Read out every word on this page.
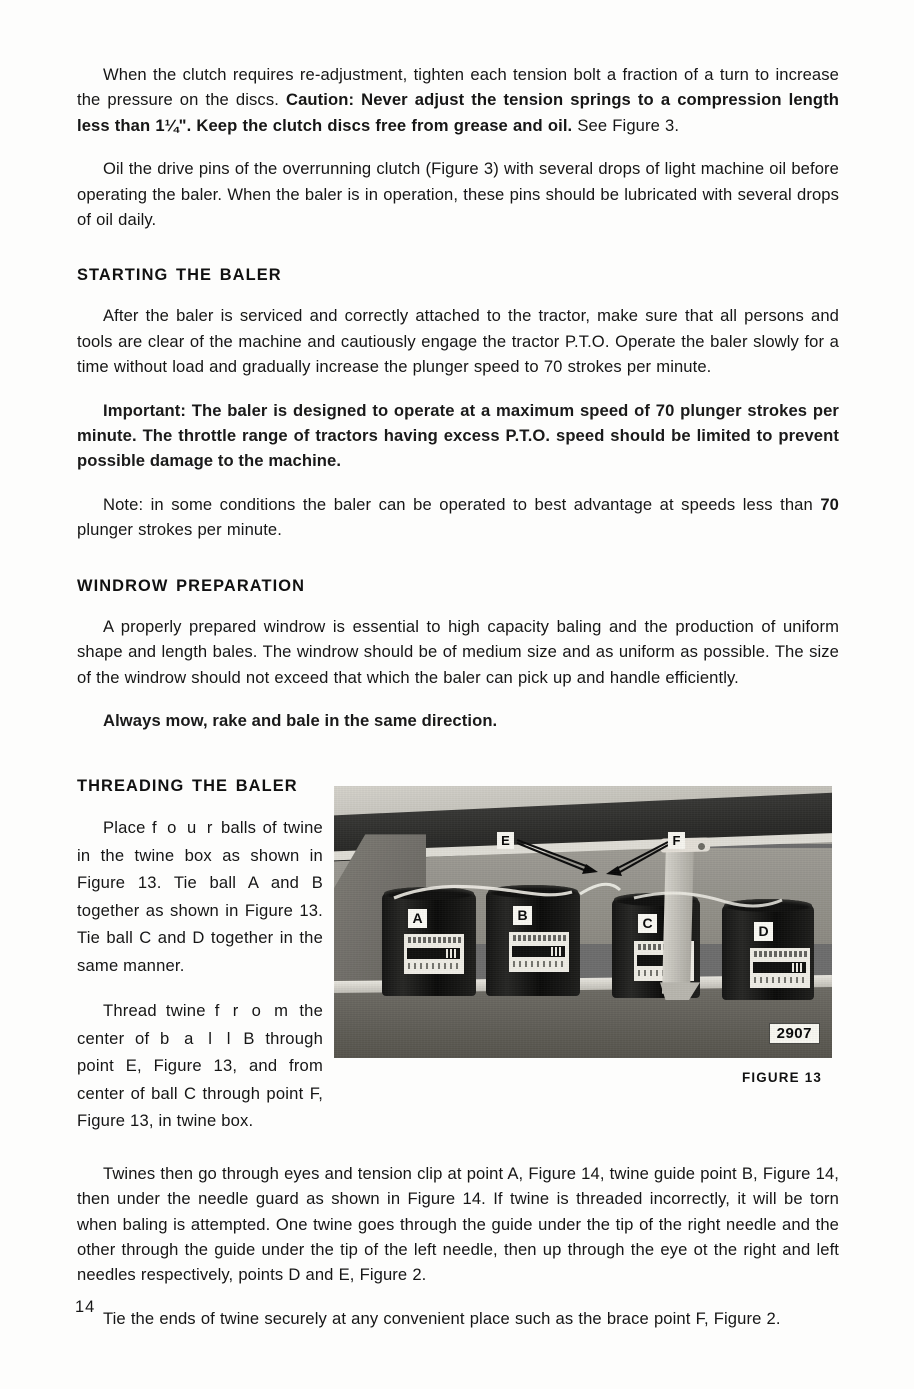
When the clutch requires re-adjustment, tighten each tension bolt a fraction of a turn to increase the pressure on the discs. Caution: Never adjust the tension springs to a compression length less than 1¼". Keep the clutch discs free from grease and oil. See Figure 3.

Oil the drive pins of the overrunning clutch (Figure 3) with several drops of light machine oil before operating the baler. When the baler is in operation, these pins should be lubricated with several drops of oil daily.

STARTING THE BALER

After the baler is serviced and correctly attached to the tractor, make sure that all persons and tools are clear of the machine and cautiously engage the tractor P.T.O. Operate the baler slowly for a time without load and gradually increase the plunger speed to 70 strokes per minute.

Important: The baler is designed to operate at a maximum speed of 70 plunger strokes per minute. The throttle range of tractors having excess P.T.O. speed should be limited to prevent possible damage to the machine.

Note: in some conditions the baler can be operated to best advantage at speeds less than 70 plunger strokes per minute.

WINDROW PREPARATION

A properly prepared windrow is essential to high capacity baling and the production of uniform shape and length bales. The windrow should be of medium size and as uniform as possible. The size of the windrow should not exceed that which the baler can pick up and handle efficiently.

Always mow, rake and bale in the same direction.

THREADING THE BALER

Place f o u r balls of twine in the twine box as shown in Figure 13. Tie ball A and B together as shown in Figure 13. Tie ball C and D together in the same manner.

Thread twine f r o m the center of b a l l B through point E, Figure 13, and from center of ball C through point F, Figure 13, in twine box.

A	B	C	D
E	F
2907
FIGURE 13

Twines then go through eyes and tension clip at point A, Figure 14, twine guide point B, Figure 14, then under the needle guard as shown in Figure 14. If twine is threaded incorrectly, it will be torn when baling is attempted. One twine goes through the guide under the tip of the right needle and the other through the guide under the tip of the left needle, then up through the eye ot the right and left needles respectively, points D and E, Figure 2.

Tie the ends of twine securely at any convenient place such as the brace point F, Figure 2.

14
